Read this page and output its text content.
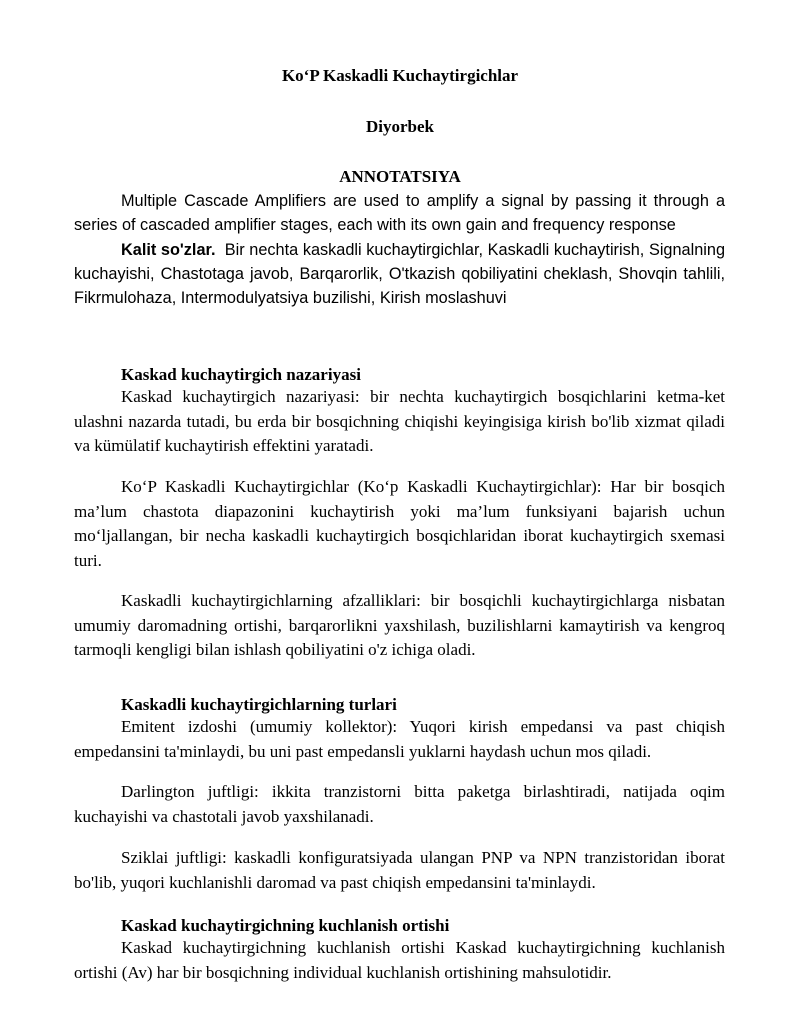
Ko‘P Kaskadli Kuchaytirgichlar
Diyorbek
ANNOTATSIYA
Multiple Cascade Amplifiers are used to amplify a signal by passing it through a series of cascaded amplifier stages, each with its own gain and frequency response
Kalit so'zlar. Bir nechta kaskadli kuchaytirgichlar, Kaskadli kuchaytirish, Signalning kuchayishi, Chastotaga javob, Barqarorlik, O'tkazish qobiliyatini cheklash, Shovqin tahlili, Fikrmulohaza, Intermodulyatsiya buzilishi, Kirish moslashuvi
Kaskad kuchaytirgich nazariyasi
Kaskad kuchaytirgich nazariyasi: bir nechta kuchaytirgich bosqichlarini ketma-ket ulashni nazarda tutadi, bu erda bir bosqichning chiqishi keyingisiga kirish bo'lib xizmat qiladi va kümülatif kuchaytirish effektini yaratadi.
Ko‘P Kaskadli Kuchaytirgichlar (Ko‘p Kaskadli Kuchaytirgichlar): Har bir bosqich ma’lum chastota diapazonini kuchaytirish yoki ma’lum funksiyani bajarish uchun mo‘ljallangan, bir necha kaskadli kuchaytirgich bosqichlaridan iborat kuchaytirgich sxemasi turi.
Kaskadli kuchaytirgichlarning afzalliklari: bir bosqichli kuchaytirgichlarga nisbatan umumiy daromadning ortishi, barqarorlikni yaxshilash, buzilishlarni kamaytirish va kengroq tarmoqli kengligi bilan ishlash qobiliyatini o'z ichiga oladi.
Kaskadli kuchaytirgichlarning turlari
Emitent izdoshi (umumiy kollektor): Yuqori kirish empedansi va past chiqish empedansini ta'minlaydi, bu uni past empedansli yuklarni haydash uchun mos qiladi.
Darlington juftligi: ikkita tranzistorni bitta paketga birlashtiradi, natijada oqim kuchayishi va chastotali javob yaxshilanadi.
Sziklai juftligi: kaskadli konfiguratsiyada ulangan PNP va NPN tranzistoridan iborat bo'lib, yuqori kuchlanishli daromad va past chiqish empedansini ta'minlaydi.
Kaskad kuchaytirgichning kuchlanish ortishi
Kaskad kuchaytirgichning kuchlanish ortishi Kaskad kuchaytirgichning kuchlanish ortishi (Av) har bir bosqichning individual kuchlanish ortishining mahsulotidir.
